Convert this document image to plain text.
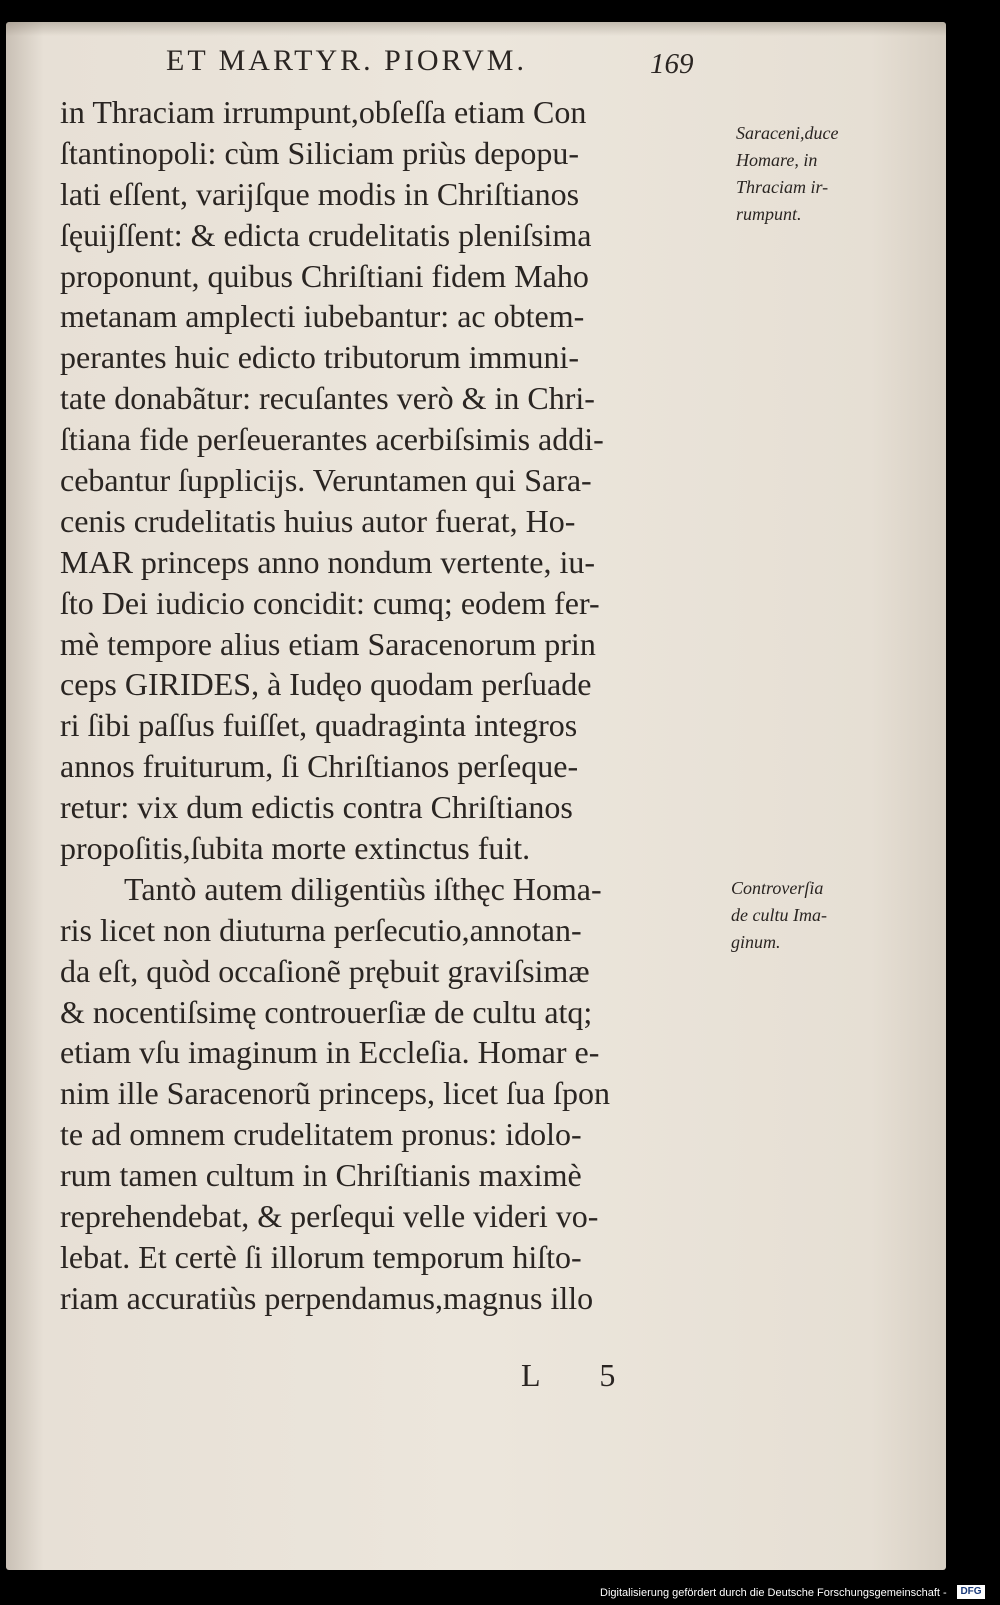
ET MARTYR. PIORVM.	169
in Thraciam irrumpunt,obſeſſa etiam Con
ſtantinopoli: cùm Siliciam priùs depopu-
lati eſſent, varijſque modis in Chriſtianos
ſęuijſſent: & edicta crudelitatis pleniſsima
proponunt, quibus Chriſtiani fidem Maho
metanam amplecti iubebantur: ac obtem-
perantes huic edicto tributorum immuni-
tate donabãtur: recuſantes verò & in Chri-
ſtiana fide perſeuerantes acerbiſsimis addi-
cebantur ſupplicijs. Veruntamen qui Sara-
cenis crudelitatis huius autor fuerat, Ho-
MAR princeps anno nondum vertente, iu-
ſto Dei iudicio concidit: cumq; eodem fer-
mè tempore alius etiam Saracenorum prin
ceps GIRIDES, à Iudęo quodam perſuade
ri ſibi paſſus fuiſſet, quadraginta integros
annos fruiturum, ſi Chriſtianos perſeque-
retur: vix dum edictis contra Chriſtianos
propoſitis,ſubita morte extinctus fuit.
Tantò autem diligentiùs iſthęc Homa-
ris licet non diuturna perſecutio,annotan-
da eſt, quòd occaſionẽ prębuit graviſsimæ
& nocentiſsimę controuerſiæ de cultu atq;
etiam vſu imaginum in Eccleſia. Homar e-
nim ille Saracenorũ princeps, licet ſua ſpon
te ad omnem crudelitatem pronus: idolo-
rum tamen cultum in Chriſtianis maximè
reprehendebat, & perſequi velle videri vo-
lebat. Et certè ſi illorum temporum hiſto-
riam accuratiùs perpendamus,magnus illo
Saraceni,duce
Homare, in
Thraciam ir-
rumpunt.
Controverſia
de cultu Ima-
ginum.
L 5
Digitalisierung gefördert durch die Deutsche Forschungsgemeinschaft -	DFG
